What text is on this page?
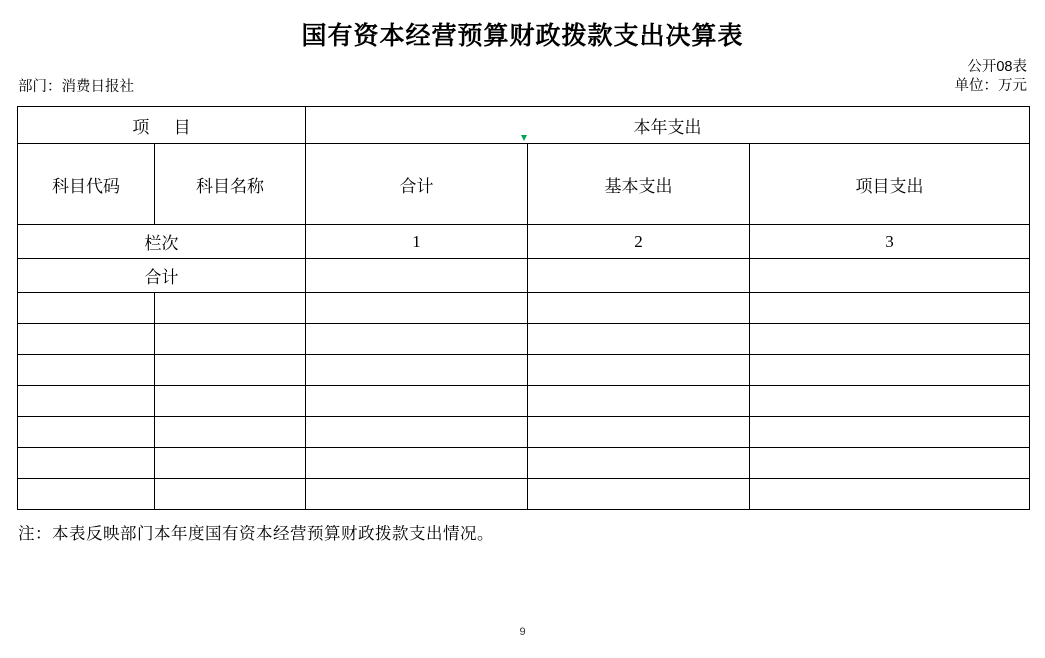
国有资本经营预算财政拨款支出决算表
公开08表
单位：万元
部门：消费日报社
项 目		本年支出		
科目代码	科目名称	合计	基本支出	项目支出
栏次		1	2	3
合计				

注：本表反映部门本年度国有资本经营预算财政拨款支出情况。
9
